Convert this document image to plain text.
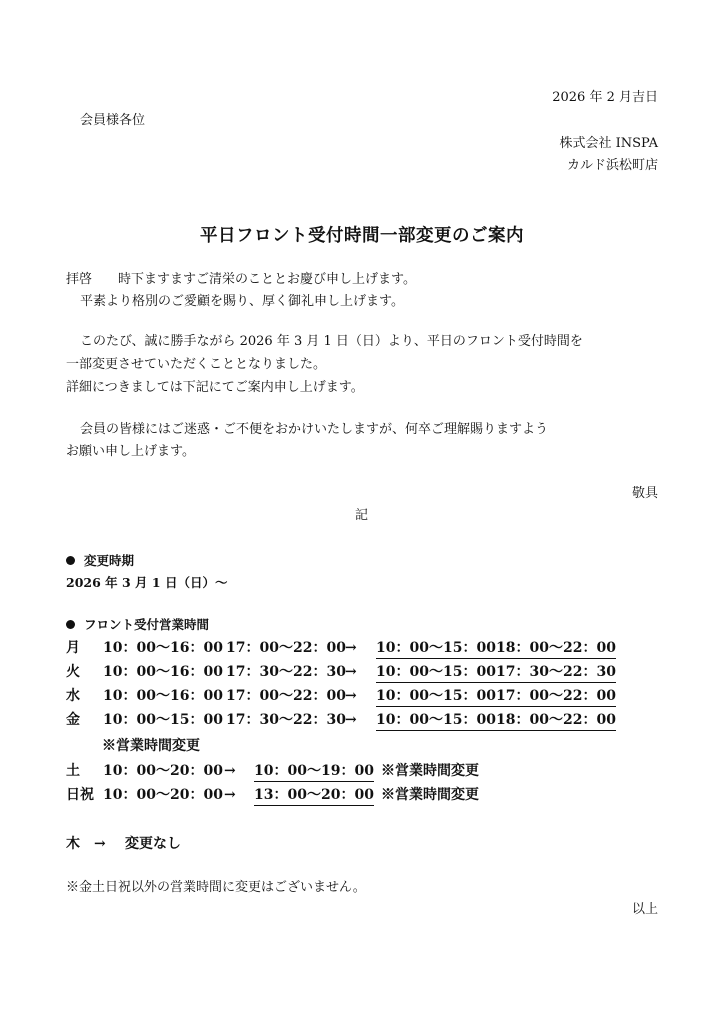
2026 年 2 月吉日

会員様各位

株式会社 INSPA

カルド浜松町店

平日フロント受付時間一部変更のご案内

拝啓 時下ますますご清栄のこととお慶び申し上げます。

平素より格別のご愛顧を賜り、厚く御礼申し上げます。

このたび、誠に勝手ながら 2026 年 3 月 1 日（日）より、平日のフロント受付時間を

一部変更させていただくこととなりました。

詳細につきましては下記にてご案内申し上げます。

会員の皆様にはご迷惑・ご不便をおかけいたしますが、何卒ご理解賜りますよう

お願い申し上げます。

敬具

記

変更時期

2026 年 3 月 1 日（日）～

フロント受付営業時間

月 10：00～16：00 17：00～22：00 → 10：00～15：00 18：00～22：00
火 10：00～16：00 17：30～22：30 → 10：00～15：00 17：30～22：30
水 10：00～16：00 17：00～22：00 → 10：00～15：00 17：00～22：00
金 10：00～15：00 17：30～22：30 → 10：00～15：00 18：00～22：00

※営業時間変更

土 10：00～20：00 → 10：00～19：00 ※営業時間変更
日祝 10：00～20：00 → 13：00～20：00 ※営業時間変更
木 → 変更なし

※金土日祝以外の営業時間に変更はございません。

以上
